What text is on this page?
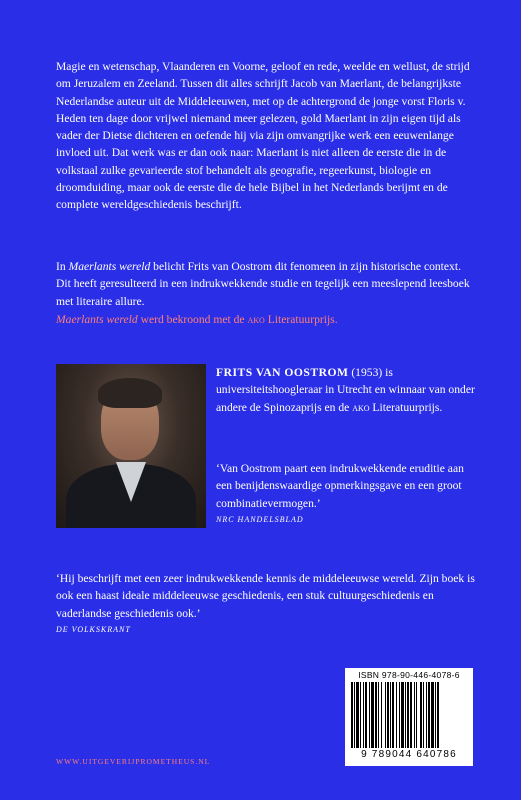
Magie en wetenschap, Vlaanderen en Voorne, geloof en rede, weelde en wellust, de strijd om Jeruzalem en Zeeland. Tussen dit alles schrijft Jacob van Maerlant, de belangrijkste Nederlandse auteur uit de Middeleeuwen, met op de achtergrond de jonge vorst Floris v. Heden ten dage door vrijwel niemand meer gelezen, gold Maerlant in zijn eigen tijd als vader der Dietse dichteren en oefende hij via zijn omvangrijke werk een eeuwenlange invloed uit. Dat werk was er dan ook naar: Maerlant is niet alleen de eerste die in de volkstaal zulke gevarieerde stof behandelt als geografie, regeerkunst, biologie en droomduiding, maar ook de eerste die de hele Bijbel in het Nederlands berijmt en de complete wereldgeschiedenis beschrijft.

In Maerlants wereld belicht Frits van Oostrom dit fenomeen in zijn historische context. Dit heeft geresulteerd in een indrukwekkende studie en tegelijk een meeslepend leesboek met literaire allure.

Maerlants wereld werd bekroond met de ako Literatuurprijs.

FRITS VAN OOSTROM (1953) is universiteitshoogleraar in Utrecht en winnaar van onder andere de Spinozaprijs en de ako Literatuurprijs.

‘Van Oostrom paart een indrukwekkende eruditie aan een benijdenswaardige opmerkingsgave en een groot combinatievermogen.’
NRC HANDELSBLAD

‘Hij beschrijft met een zeer indrukwekkende kennis de middeleeuwse wereld. Zijn boek is ook een haast ideale middeleeuwse geschiedenis, een stuk cultuurgeschiedenis en vaderlandse geschiedenis ook.’
DE VOLKSKRANT

ISBN 978-90-446-4078-6
9 789044 640786
WWW.UITGEVERIJPROMETHEUS.NL
